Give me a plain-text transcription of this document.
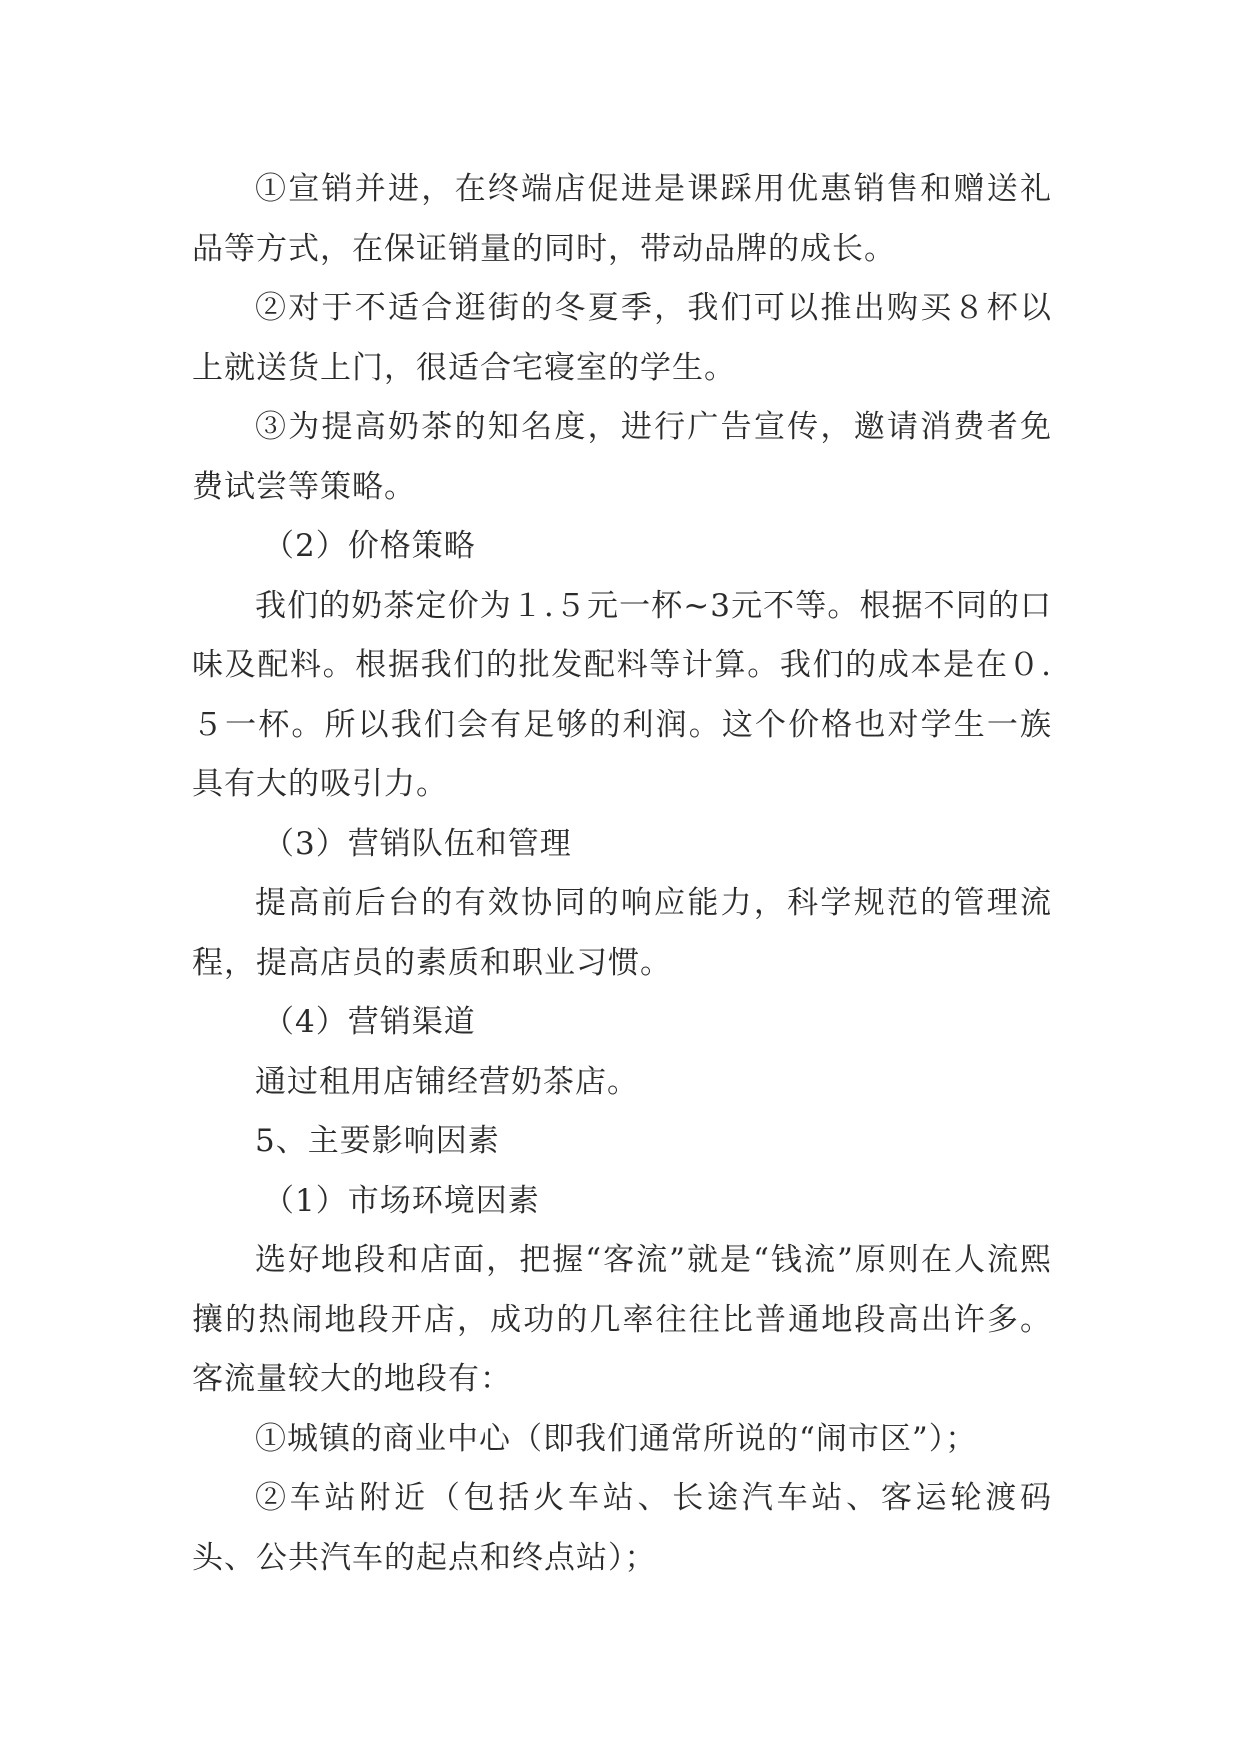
①宣销并进，在终端店促进是课踩用优惠销售和赠送礼品等方式，在保证销量的同时，带动品牌的成长。

②对于不适合逛街的冬夏季，我们可以推出购买８杯以上就送货上门，很适合宅寝室的学生。

③为提高奶茶的知名度，进行广告宣传，邀请消费者免费试尝等策略。

（2）价格策略

我们的奶茶定价为１.５元一杯~3元不等。根据不同的口味及配料。根据我们的批发配料等计算。我们的成本是在０.５一杯。所以我们会有足够的利润。这个价格也对学生一族具有大的吸引力。

（3）营销队伍和管理

提高前后台的有效协同的响应能力，科学规范的管理流程，提高店员的素质和职业习惯。

（4）营销渠道

通过租用店铺经营奶茶店。

5、主要影响因素

（1）市场环境因素

选好地段和店面，把握“客流”就是“钱流”原则在人流熙攘的热闹地段开店，成功的几率往往比普通地段高出许多。客流量较大的地段有：

①城镇的商业中心（即我们通常所说的“闹市区”）；

②车站附近（包括火车站、长途汽车站、客运轮渡码头、公共汽车的起点和终点站）；
